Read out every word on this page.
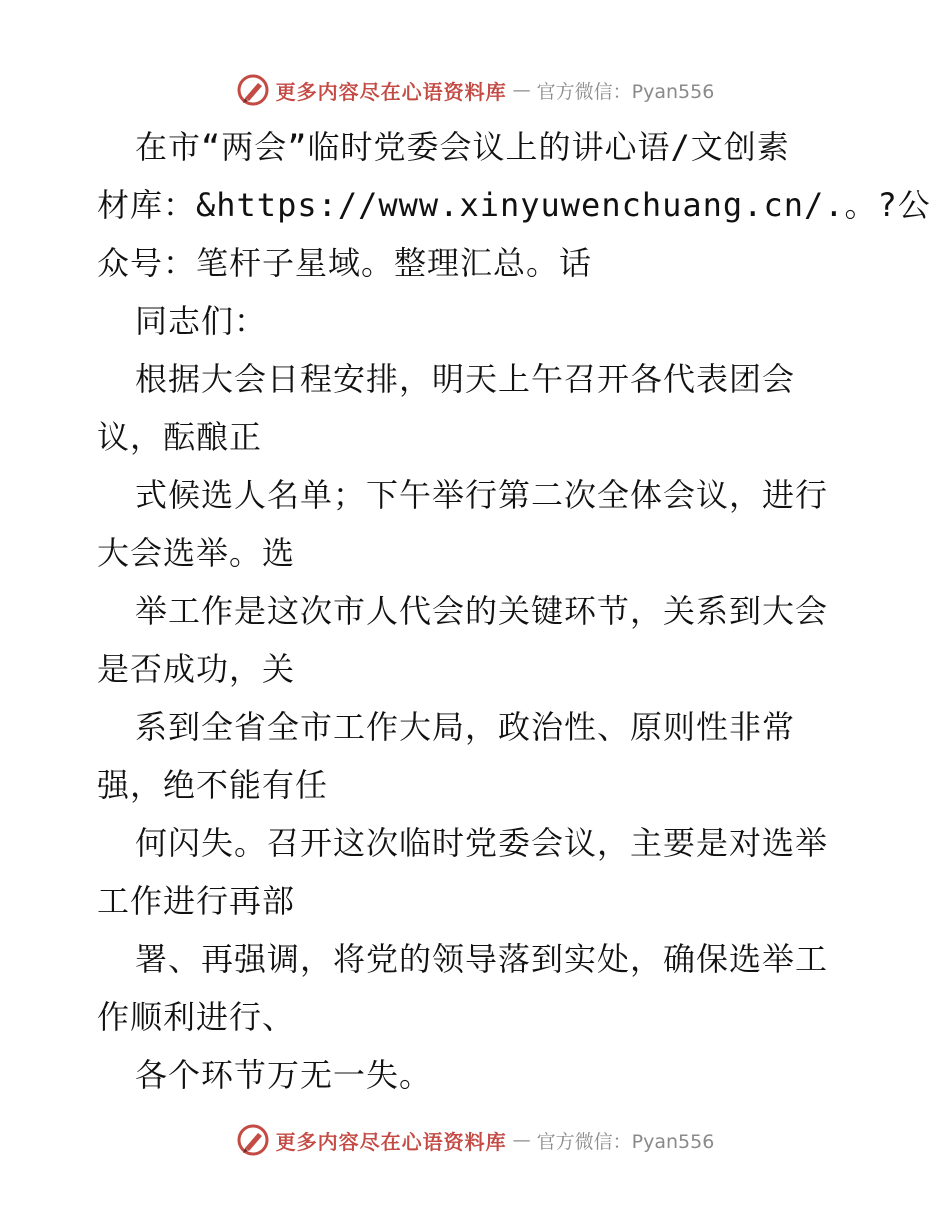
更多内容尽在心语资料库 — 官方微信：Pyan556
在市“两会”临时党委会议上的讲心语/文创素
材库：&https://www.xinyuwenchuang.cn/.。?公
众号：笔杆子星域。整理汇总。话
同志们：
根据大会日程安排，明天上午召开各代表团会
议，酝酿正
式候选人名单；下午举行第二次全体会议，进行
大会选举。选
举工作是这次市人代会的关键环节，关系到大会
是否成功，关
系到全省全市工作大局，政治性、原则性非常
强，绝不能有任
何闪失。召开这次临时党委会议，主要是对选举
工作进行再部
署、再强调，将党的领导落到实处，确保选举工
作顺利进行、
各个环节万无一失。
更多内容尽在心语资料库 — 官方微信：Pyan556
